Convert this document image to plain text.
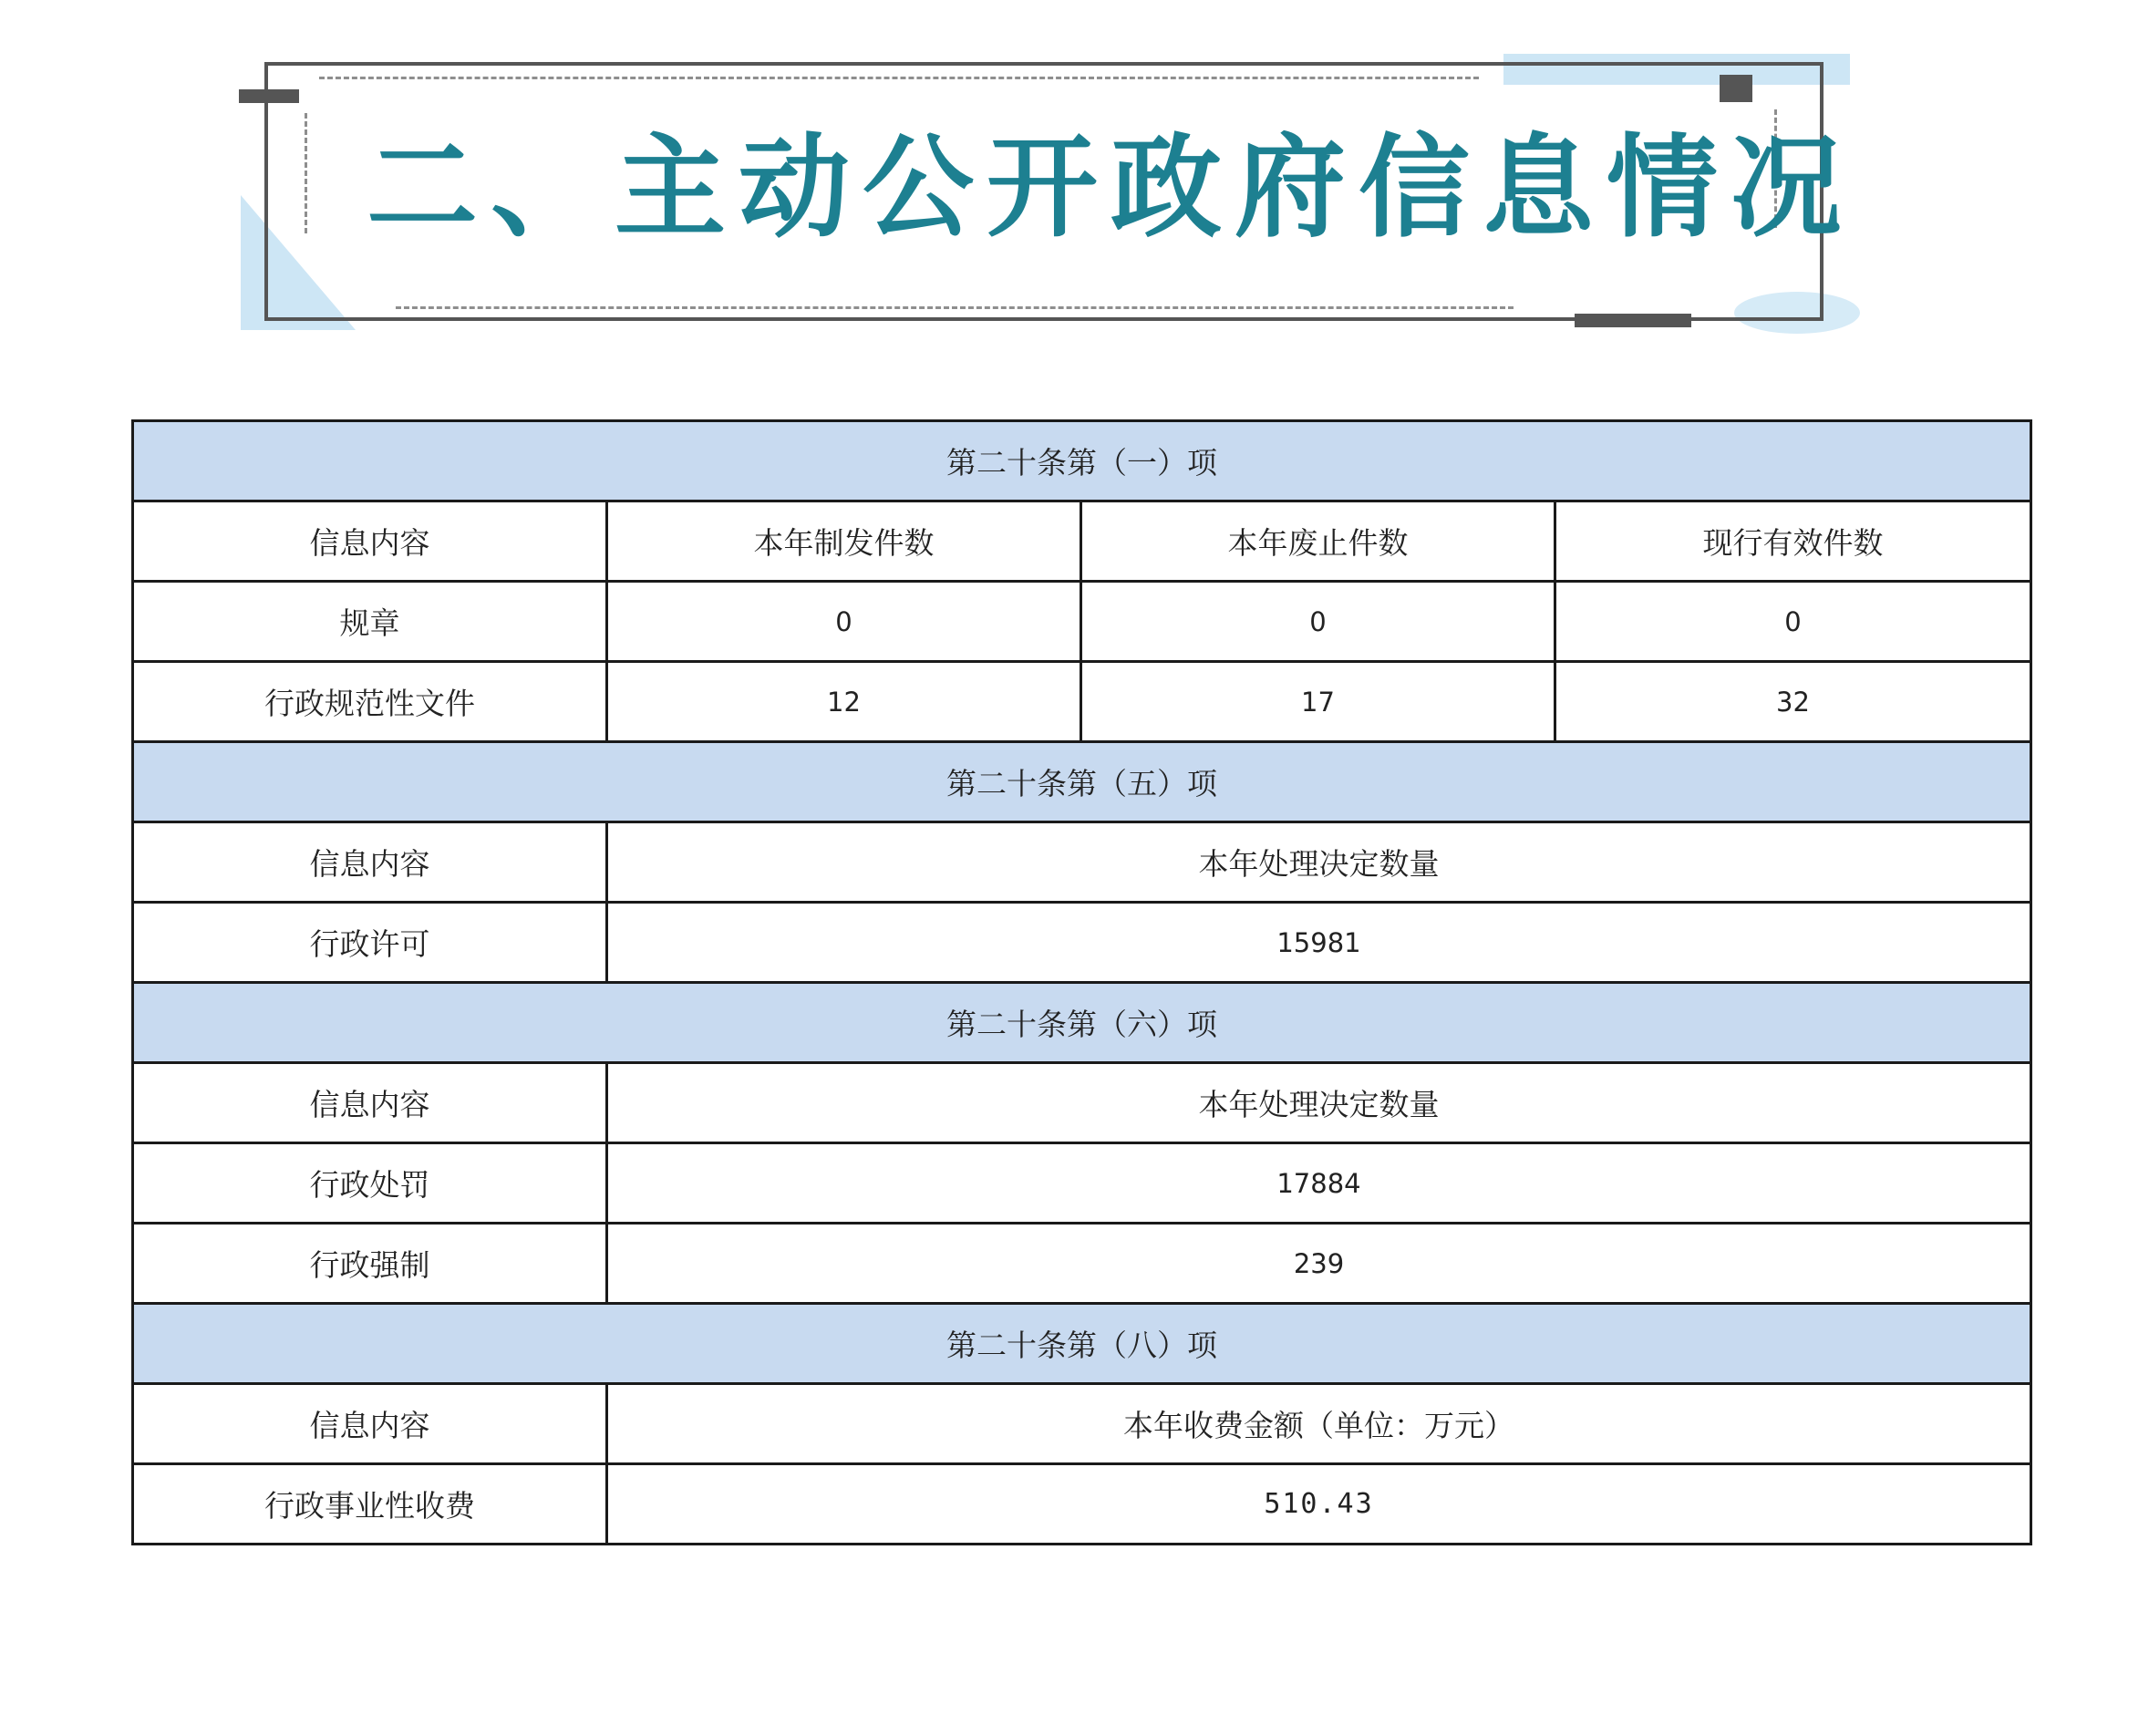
二、主动公开政府信息情况
第二十条第（一）项			
信息内容	本年制发件数	本年废止件数	现行有效件数
规章	0	0	0
行政规范性文件	12	17	32
第二十条第（五）项			
信息内容	本年处理决定数量		
行政许可	15981		
第二十条第（六）项			
信息内容	本年处理决定数量		
行政处罚	17884		
行政强制	239		
第二十条第（八）项			
信息内容	本年收费金额（单位：万元）		
行政事业性收费	510.43		
